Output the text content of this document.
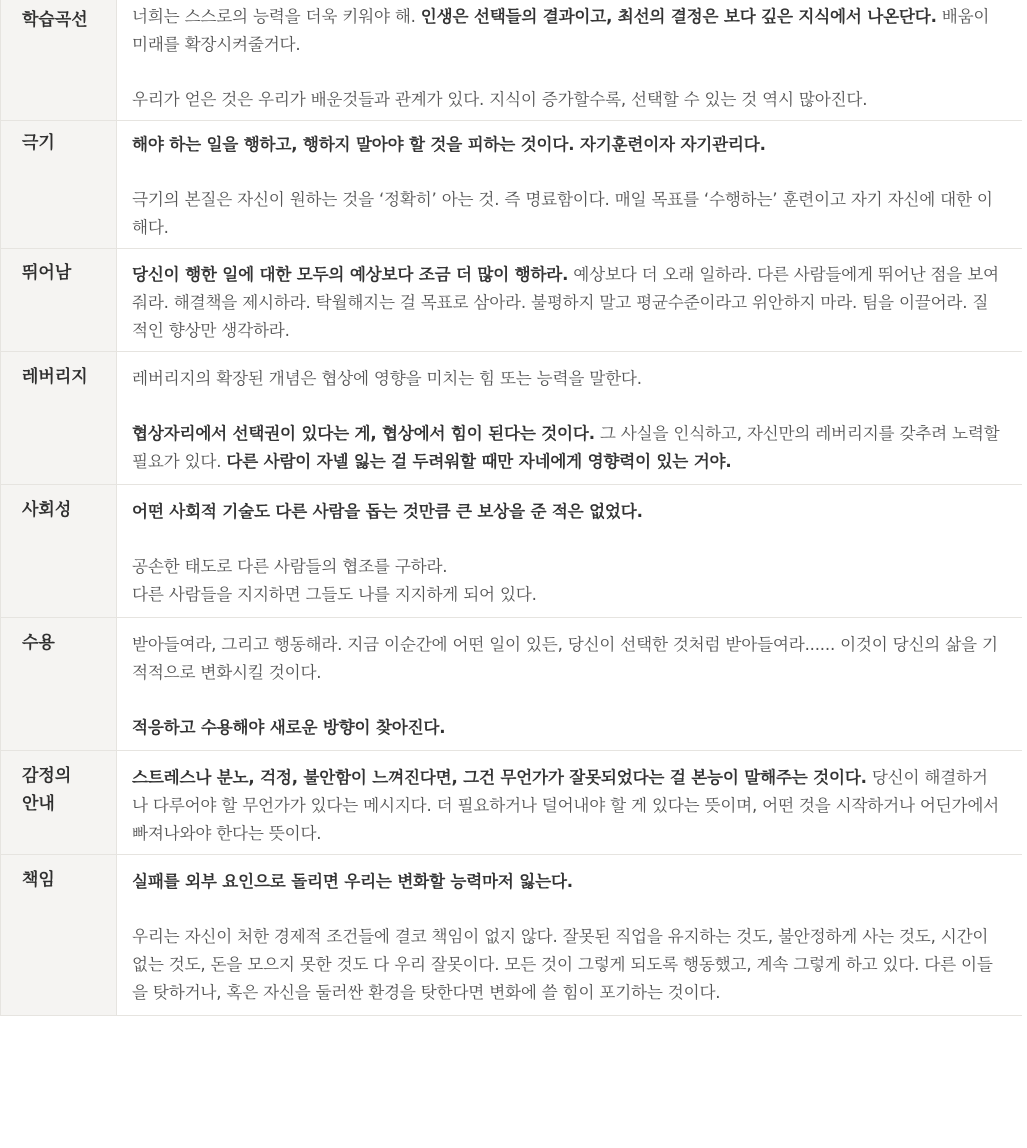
학습곡선	너희는 스스로의 능력을 더욱 키워야 해. 인생은 선택들의 결과이고, 최선의 결정은 보다 깊은 지식에서 나온단다. 배움이 미래를 확장시켜줄거다.

우리가 얻은 것은 우리가 배운것들과 관계가 있다. 지식이 증가할수록, 선택할 수 있는 것 역시 많아진다.

극기	해야 하는 일을 행하고, 행하지 말아야 할 것을 피하는 것이다. 자기훈련이자 자기관리다.

극기의 본질은 자신이 원하는 것을 ‘정확히’ 아는 것. 즉 명료함이다. 매일 목표를 ‘수행하는’ 훈련이고 자기 자신에 대한 이해다.

뛰어남	당신이 행한 일에 대한 모두의 예상보다 조금 더 많이 행하라. 예상보다 더 오래 일하라. 다른 사람들에게 뛰어난 점을 보여줘라. 해결책을 제시하라. 탁월해지는 걸 목표로 삼아라. 불평하지 말고 평균수준이라고 위안하지 마라. 팀을 이끌어라. 질적인 향상만 생각하라.

레버리지	레버리지의 확장된 개념은 협상에 영향을 미치는 힘 또는 능력을 말한다.

협상자리에서 선택권이 있다는 게, 협상에서 힘이 된다는 것이다. 그 사실을 인식하고, 자신만의 레버리지를 갖추려 노력할 필요가 있다. 다른 사람이 자넬 잃는 걸 두려워할 때만 자네에게 영향력이 있는 거야.

사회성	어떤 사회적 기술도 다른 사람을 돕는 것만큼 큰 보상을 준 적은 없었다.

공손한 태도로 다른 사람들의 협조를 구하라.

다른 사람들을 지지하면 그들도 나를 지지하게 되어 있다.

수용	받아들여라, 그리고 행동해라. 지금 이순간에 어떤 일이 있든, 당신이 선택한 것처럼 받아들여라...... 이것이 당신의 삶을 기적적으로 변화시킬 것이다.

적응하고 수용해야 새로운 방향이 찾아진다.

감정의 안내	스트레스나 분노, 걱정, 불안함이 느껴진다면, 그건 무언가가 잘못되었다는 걸 본능이 말해주는 것이다. 당신이 해결하거나 다루어야 할 무언가가 있다는 메시지다. 더 필요하거나 덜어내야 할 게 있다는 뜻이며, 어떤 것을 시작하거나 어딘가에서 빠져나와야 한다는 뜻이다.

책임	실패를 외부 요인으로 돌리면 우리는 변화할 능력마저 잃는다.

우리는 자신이 처한 경제적 조건들에 결코 책임이 없지 않다. 잘못된 직업을 유지하는 것도, 불안정하게 사는 것도, 시간이 없는 것도, 돈을 모으지 못한 것도 다 우리 잘못이다. 모든 것이 그렇게 되도록 행동했고, 계속 그렇게 하고 있다. 다른 이들을 탓하거나, 혹은 자신을 둘러싼 환경을 탓한다면 변화에 쓸 힘이 포기하는 것이다.
